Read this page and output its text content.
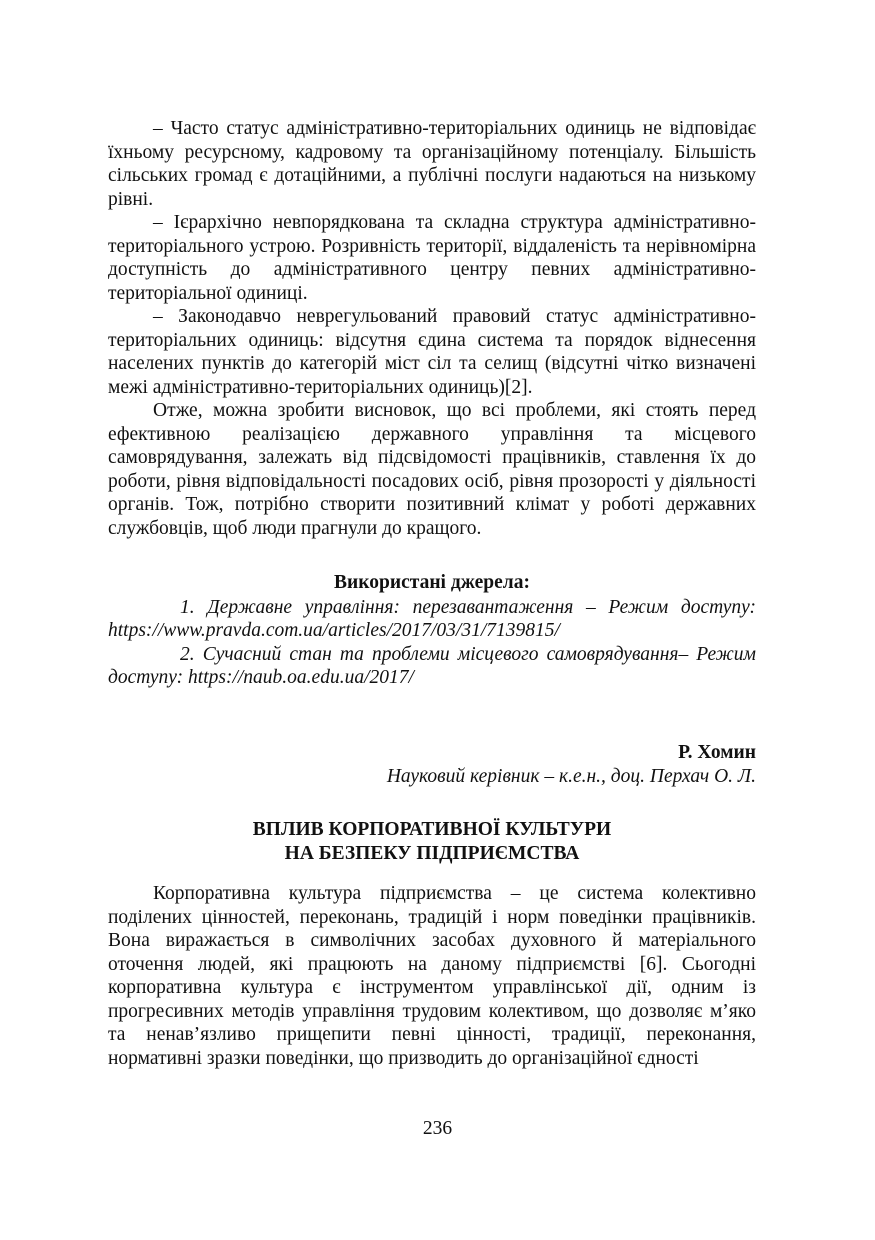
– Часто статус адміністративно-територіальних одиниць не відповідає їхньому ресурсному, кадровому та організаційному потенціалу. Більшість сільських громад є дотаційними, а публічні послуги надаються на низькому рівні.

– Ієрархічно невпорядкована та складна структура адміністративно-територіального устрою. Розривність території, віддаленість та нерівномірна доступність до адміністративного центру певних адміністративно-територіальної одиниці.

– Законодавчо неврегульований правовий статус адміністративно-територіальних одиниць: відсутня єдина система та порядок віднесення населених пунктів до категорій міст сіл та селищ (відсутні чітко визначені межі адміністративно-територіальних одиниць)[2].

Отже, можна зробити висновок, що всі проблеми, які стоять перед ефективною реалізацією державного управління та місцевого самоврядування, залежать від підсвідомості працівників, ставлення їх до роботи, рівня відповідальності посадових осіб, рівня прозорості у діяльності органів. Тож, потрібно створити позитивний клімат у роботі державних службовців, щоб люди прагнули до кращого.

Використані джерела:

1. Державне управління: перезавантаження – Режим доступу: https://www.pravda.com.ua/articles/2017/03/31/7139815/

2. Сучасний стан та проблеми місцевого самоврядування– Режим доступу: https://naub.oa.edu.ua/2017/

Р. Хомин
Науковий керівник – к.е.н., доц. Перхач О. Л.
ВПЛИВ КОРПОРАТИВНОЇ КУЛЬТУРИ
НА БЕЗПЕКУ ПІДПРИЄМСТВА

Корпоративна культура підприємства – це система колективно поділених цінностей, переконань, традицій і норм поведінки працівників. Вона виражається в символічних засобах духовного й матеріального оточення людей, які працюють на даному підприємстві [6]. Сьогодні корпоративна культура є інструментом управлінської дії, одним із прогресивних методів управління трудовим колективом, що дозволяє м’яко та ненав’язливо прищепити певні цінності, традиції, переконання, нормативні зразки поведінки, що призводить до організаційної єдності

236
